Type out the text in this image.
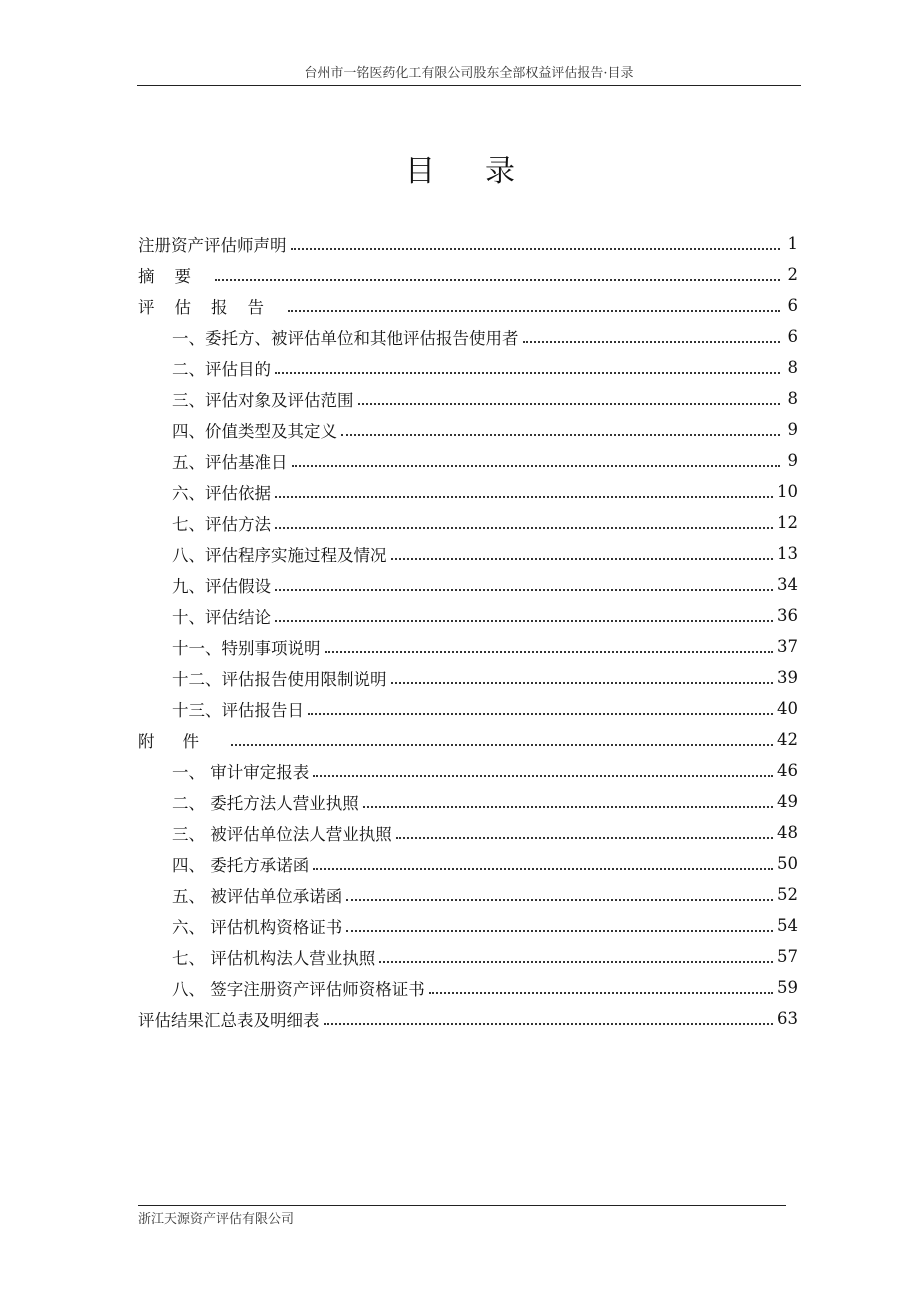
台州市一铭医药化工有限公司股东全部权益评估报告·目录
目录
注册资产评估师声明	1
摘要	2
评估报告	6
一、委托方、被评估单位和其他评估报告使用者	6
二、评估目的	8
三、评估对象及评估范围	8
四、价值类型及其定义	9
五、评估基准日	9
六、评估依据	10
七、评估方法	12
八、评估程序实施过程及情况	13
九、评估假设	34
十、评估结论	36
十一、特别事项说明	37
十二、评估报告使用限制说明	39
十三、评估报告日	40
附件	42
一、 审计审定报表	46
二、 委托方法人营业执照	49
三、 被评估单位法人营业执照	48
四、 委托方承诺函	50
五、 被评估单位承诺函	52
六、 评估机构资格证书	54
七、 评估机构法人营业执照	57
八、 签字注册资产评估师资格证书	59
评估结果汇总表及明细表	63
浙江天源资产评估有限公司
